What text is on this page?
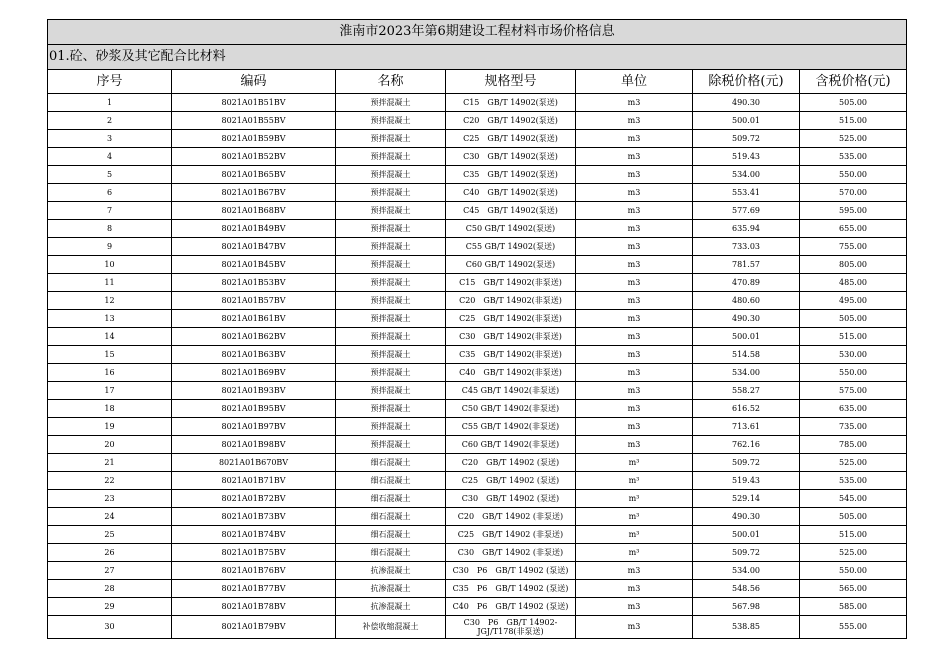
淮南市2023年第6期建设工程材料市场价格信息						
01.砼、砂浆及其它配合比材料						
序号	编码	名称	规格型号	单位	除税价格(元)	含税价格(元)
1	8021A01B51BV	预拌混凝土	C15　GB/T 14902(泵送)	m3	490.30	505.00
2	8021A01B55BV	预拌混凝土	C20　GB/T 14902(泵送)	m3	500.01	515.00
3	8021A01B59BV	预拌混凝土	C25　GB/T 14902(泵送)	m3	509.72	525.00
4	8021A01B52BV	预拌混凝土	C30　GB/T 14902(泵送)	m3	519.43	535.00
5	8021A01B65BV	预拌混凝土	C35　GB/T 14902(泵送)	m3	534.00	550.00
6	8021A01B67BV	预拌混凝土	C40　GB/T 14902(泵送)	m3	553.41	570.00
7	8021A01B68BV	预拌混凝土	C45　GB/T 14902(泵送)	m3	577.69	595.00
8	8021A01B49BV	预拌混凝土	C50 GB/T 14902(泵送)	m3	635.94	655.00
9	8021A01B47BV	预拌混凝土	C55 GB/T 14902(泵送)	m3	733.03	755.00
10	8021A01B45BV	预拌混凝土	C60 GB/T 14902(泵送)	m3	781.57	805.00
11	8021A01B53BV	预拌混凝土	C15　GB/T 14902(非泵送)	m3	470.89	485.00
12	8021A01B57BV	预拌混凝土	C20　GB/T 14902(非泵送)	m3	480.60	495.00
13	8021A01B61BV	预拌混凝土	C25　GB/T 14902(非泵送)	m3	490.30	505.00
14	8021A01B62BV	预拌混凝土	C30　GB/T 14902(非泵送)	m3	500.01	515.00
15	8021A01B63BV	预拌混凝土	C35　GB/T 14902(非泵送)	m3	514.58	530.00
16	8021A01B69BV	预拌混凝土	C40　GB/T 14902(非泵送)	m3	534.00	550.00
17	8021A01B93BV	预拌混凝土	C45 GB/T 14902(非泵送)	m3	558.27	575.00
18	8021A01B95BV	预拌混凝土	C50 GB/T 14902(非泵送)	m3	616.52	635.00
19	8021A01B97BV	预拌混凝土	C55 GB/T 14902(非泵送)	m3	713.61	735.00
20	8021A01B98BV	预拌混凝土	C60 GB/T 14902(非泵送)	m3	762.16	785.00
21	8021A01B670BV	细石混凝土	C20　GB/T 14902 (泵送)	m³	509.72	525.00
22	8021A01B71BV	细石混凝土	C25　GB/T 14902 (泵送)	m³	519.43	535.00
23	8021A01B72BV	细石混凝土	C30　GB/T 14902 (泵送)	m³	529.14	545.00
24	8021A01B73BV	细石混凝土	C20　GB/T 14902 (非泵送)	m³	490.30	505.00
25	8021A01B74BV	细石混凝土	C25　GB/T 14902 (非泵送)	m³	500.01	515.00
26	8021A01B75BV	细石混凝土	C30　GB/T 14902 (非泵送)	m³	509.72	525.00
27	8021A01B76BV	抗渗混凝土	C30　P6　GB/T 14902 (泵送)	m3	534.00	550.00
28	8021A01B77BV	抗渗混凝土	C35　P6　GB/T 14902 (泵送)	m3	548.56	565.00
29	8021A01B78BV	抗渗混凝土	C40　P6　GB/T 14902 (泵送)	m3	567.98	585.00
30	8021A01B79BV	补偿收缩混凝土	C30　P6　GB/T 14902-JGJ/T178(非泵送)	m3	538.85	555.00
